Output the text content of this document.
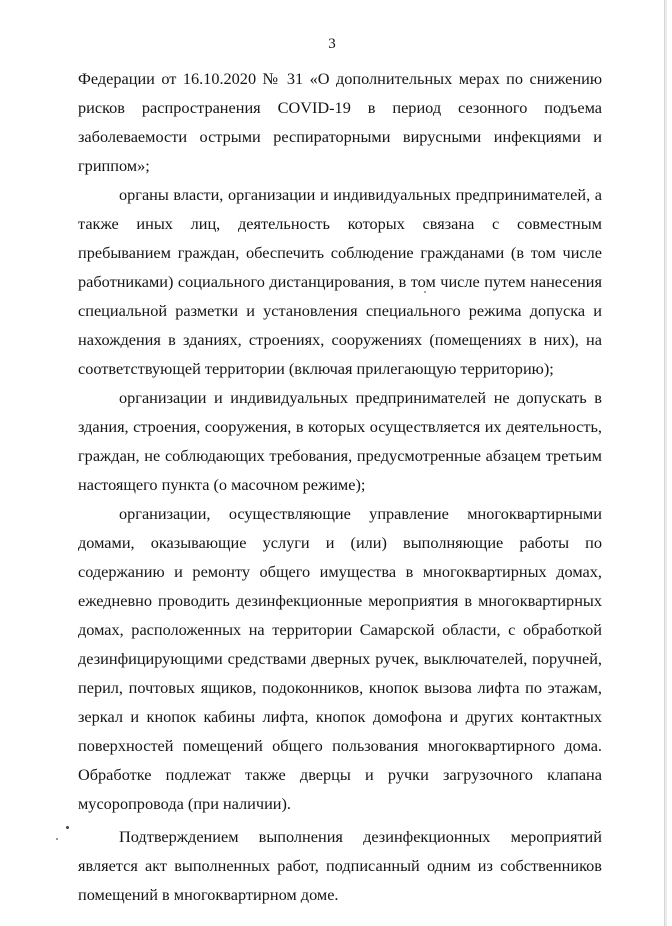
3

Федерации от 16.10.2020 № 31 «О дополнительных мерах по снижению рисков распространения COVID-19 в период сезонного подъема заболеваемости острыми респираторными вирусными инфекциями и гриппом»;

органы власти, организации и индивидуальных предпринимателей, а также иных лиц, деятельность которых связана с совместным пребыванием граждан, обеспечить соблюдение гражданами (в том числе работниками) социального дистанцирования, в том числе путем нанесения специальной разметки и установления специального режима допуска и нахождения в зданиях, строениях, сооружениях (помещениях в них), на соответствующей территории (включая прилегающую территорию);

организации и индивидуальных предпринимателей не допускать в здания, строения, сооружения, в которых осуществляется их деятельность, граждан, не соблюдающих требования, предусмотренные абзацем третьим настоящего пункта (о масочном режиме);

организации, осуществляющие управление многоквартирными домами, оказывающие услуги и (или) выполняющие работы по содержанию и ремонту общего имущества в многоквартирных домах, ежедневно проводить дезинфекционные мероприятия в многоквартирных домах, расположенных на территории Самарской области, с обработкой дезинфицирующими средствами дверных ручек, выключателей, поручней, перил, почтовых ящиков, подоконников, кнопок вызова лифта по этажам, зеркал и кнопок кабины лифта, кнопок домофона и других контактных поверхностей помещений общего пользования многоквартирного дома. Обработке подлежат также дверцы и ручки загрузочного клапана мусоропровода (при наличии).

Подтверждением выполнения дезинфекционных мероприятий является акт выполненных работ, подписанный одним из собственников помещений в многоквартирном доме.
